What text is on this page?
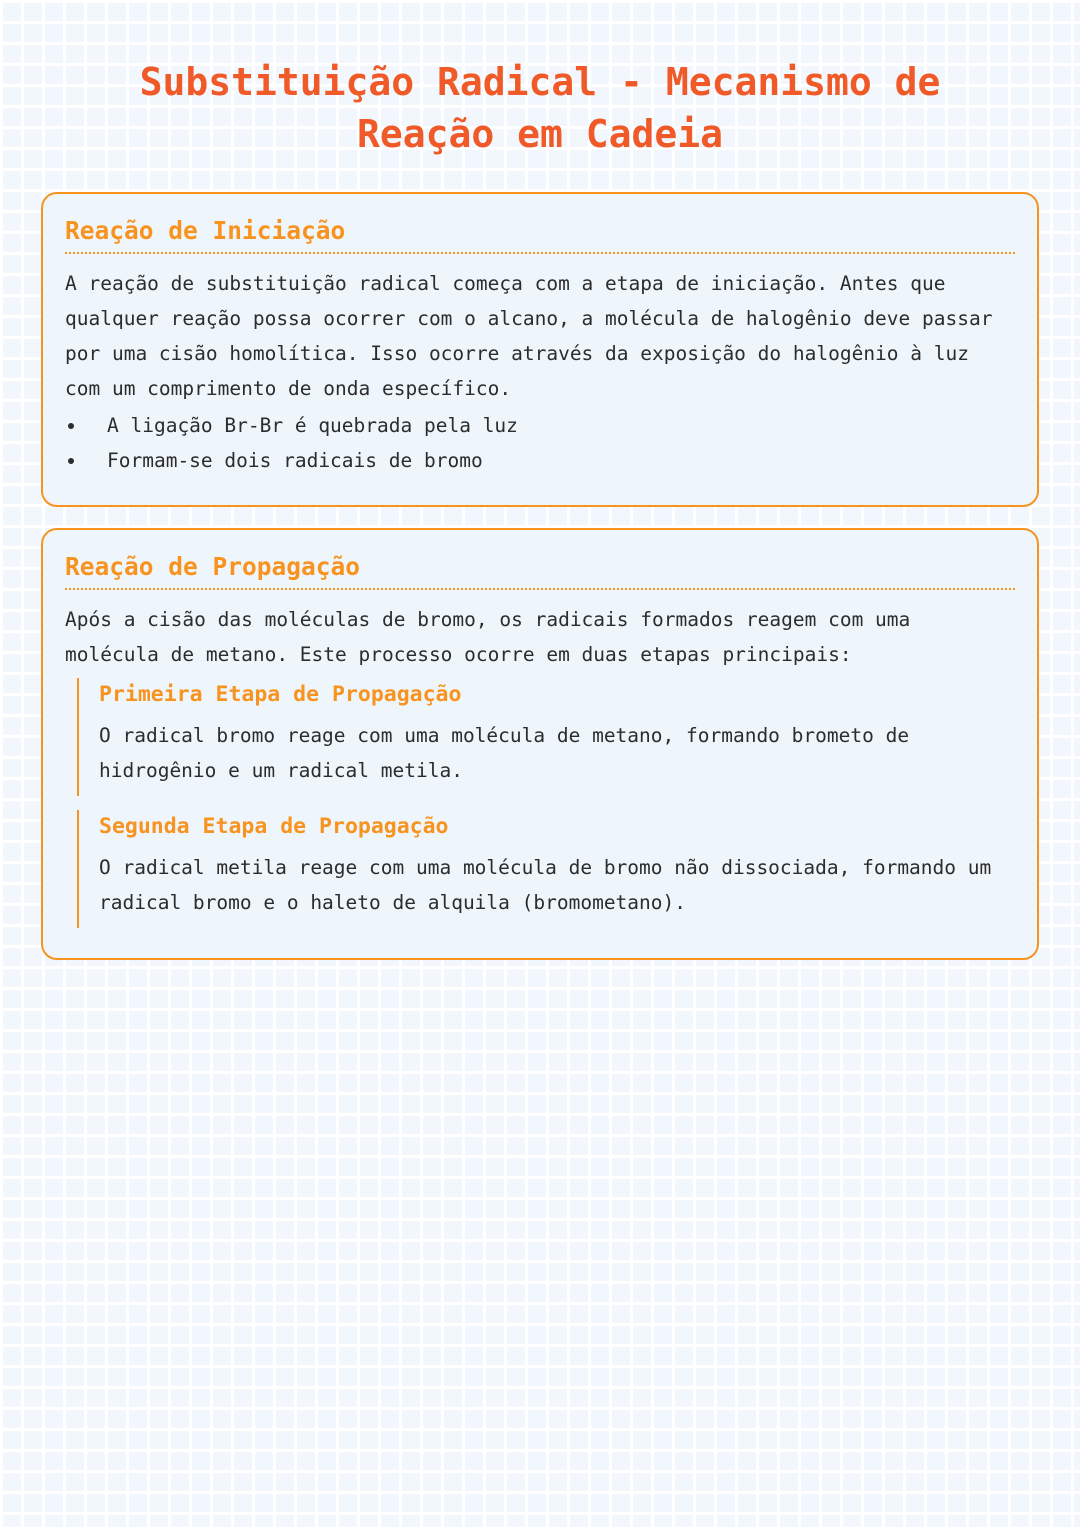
Substituição Radical - Mecanismo de
Reação em Cadeia
Reação de Iniciação

A reação de substituição radical começa com a etapa de iniciação. Antes que qualquer reação possa ocorrer com o alcano, a molécula de halogênio deve passar por uma cisão homolítica. Isso ocorre através da exposição do halogênio à luz com um comprimento de onda específico.

A ligação Br-Br é quebrada pela luz
Formam-se dois radicais de bromo
Reação de Propagação

Após a cisão das moléculas de bromo, os radicais formados reagem com uma molécula de metano. Este processo ocorre em duas etapas principais:

Primeira Etapa de Propagação

O radical bromo reage com uma molécula de metano, formando brometo de hidrogênio e um radical metila.

Segunda Etapa de Propagação

O radical metila reage com uma molécula de bromo não dissociada, formando um radical bromo e o haleto de alquila (bromometano).
